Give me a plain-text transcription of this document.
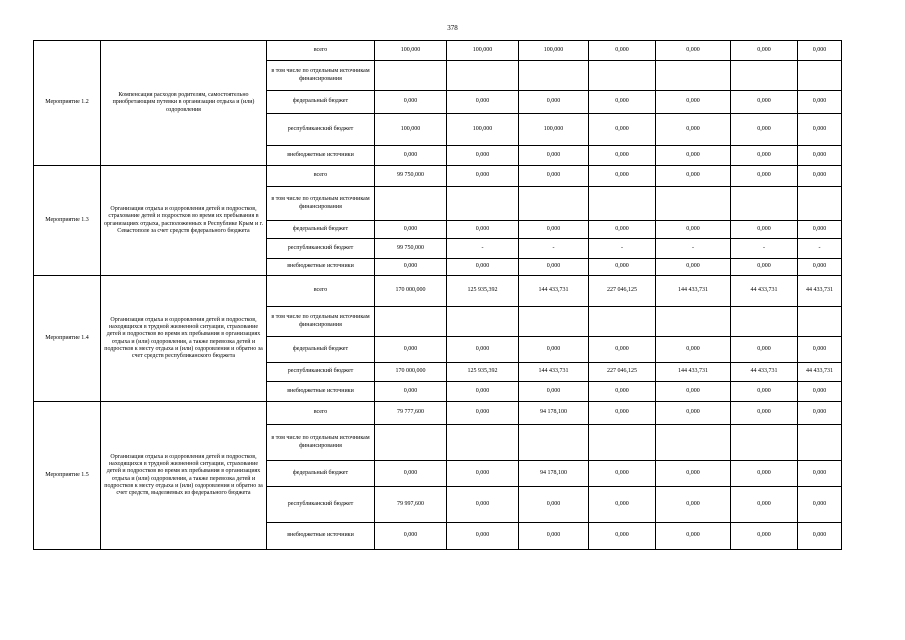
378
Мероприятие 1.2	Компенсация расходов родителям, самостоятельно приобретающим путевки в организации отдыха и (или) оздоровления	всего	100,000	100,000	100,000	0,000	0,000	0,000	0,000
		в том числе по отдельным источникам финансирования							
		федеральный бюджет	0,000	0,000	0,000	0,000	0,000	0,000	0,000
		республиканский бюджет	100,000	100,000	100,000	0,000	0,000	0,000	0,000
		внебюджетные источники	0,000	0,000	0,000	0,000	0,000	0,000	0,000
Мероприятие 1.3	Организация отдыха и оздоровления детей и подростков, страхование детей и подростков во время их пребывания в организациях отдыха, расположенных в Республике Крым и г. Севастополе за счет средств федерального бюджета	всего	99 750,000	0,000	0,000	0,000	0,000	0,000	0,000
		в том числе по отдельным источникам финансирования							
		федеральный бюджет	0,000	0,000	0,000	0,000	0,000	0,000	0,000
		республиканский бюджет	99 750,000	-	-	-	-	-	-
		внебюджетные источники	0,000	0,000	0,000	0,000	0,000	0,000	0,000
Мероприятие 1.4	Организация отдыха и оздоровления детей и подростков, находящихся в трудной жизненной ситуации, страхование детей и подростков во время их пребывания в организациях отдыха и (или) оздоровления, а также перевозка детей и подростков к месту отдыха и (или) оздоровления и обратно за счет средств республиканского бюджета	всего	170 000,000	125 935,392	144 433,731	227 046,125	144 433,731	44 433,731	44 433,731
		в том числе по отдельным источникам финансирования							
		федеральный бюджет	0,000	0,000	0,000	0,000	0,000	0,000	0,000
		республиканский бюджет	170 000,000	125 935,392	144 433,731	227 046,125	144 433,731	44 433,731	44 433,731
		внебюджетные источники	0,000	0,000	0,000	0,000	0,000	0,000	0,000
Мероприятие 1.5	Организация отдыха и оздоровления детей и подростков, находящихся в трудной жизненной ситуации, страхование детей и подростков во время их пребывания в организациях отдыха и (или) оздоровления, а также перевозка детей и подростков к месту отдыха и (или) оздоровления и обратно за счет средств, выделяемых из федерального бюджета	всего	79 777,600	0,000	94 178,100	0,000	0,000	0,000	0,000
		в том числе по отдельным источникам финансирования							
		федеральный бюджет	0,000	0,000	94 178,100	0,000	0,000	0,000	0,000
		республиканский бюджет	79 997,600	0,000	0,000	0,000	0,000	0,000	0,000
		внебюджетные источники	0,000	0,000	0,000	0,000	0,000	0,000	0,000
